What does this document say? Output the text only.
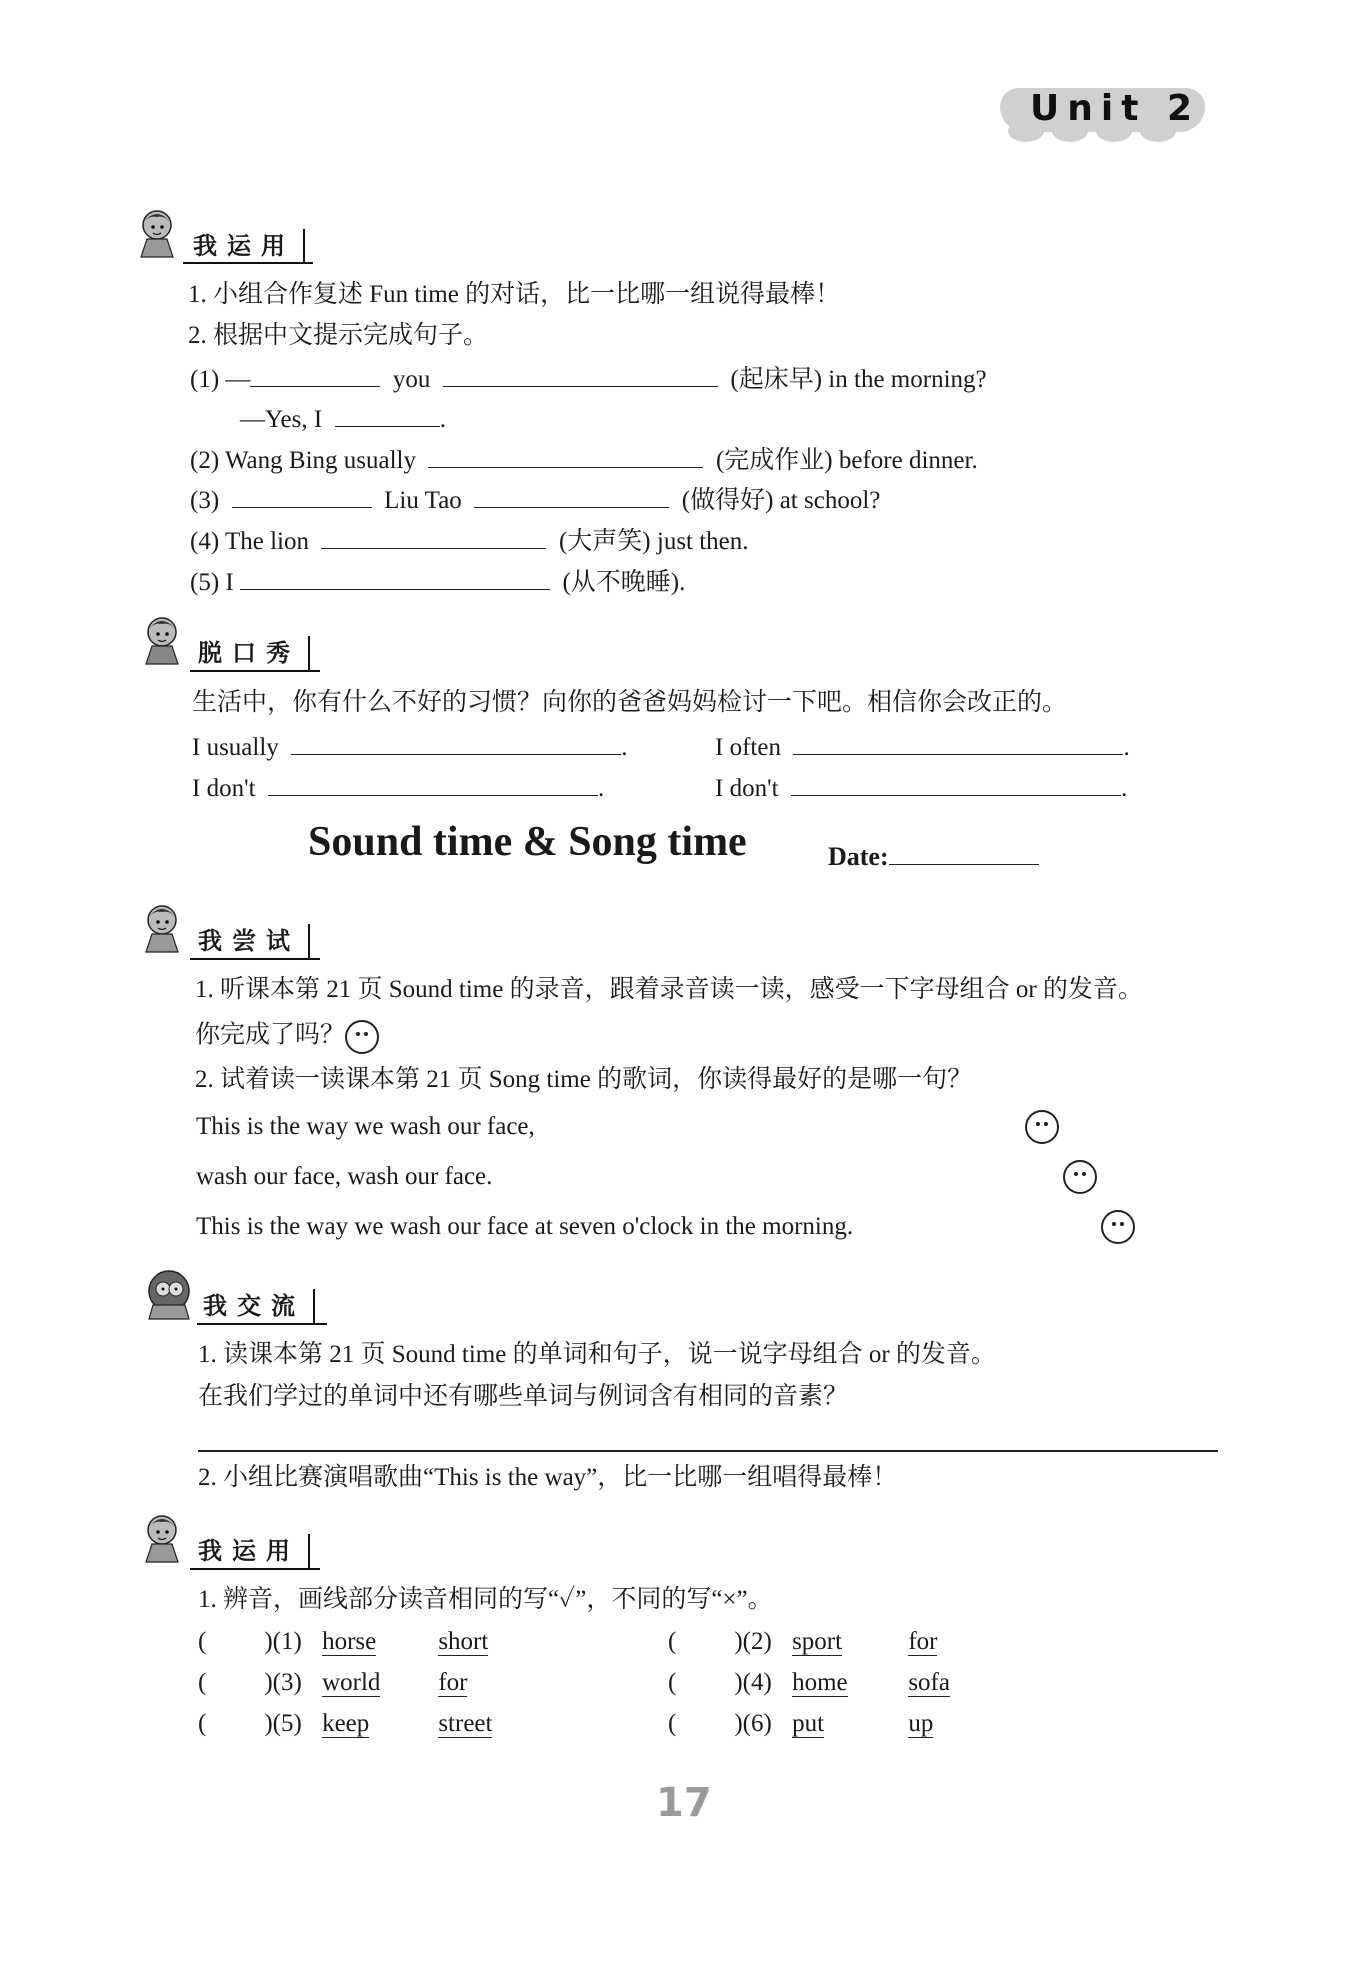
Unit 2
我运用
1. 小组合作复述 Fun time 的对话，比一比哪一组说得最棒！
2. 根据中文提示完成句子。
(1) —	you	(起床早) in the morning?
—Yes, I	.
(2) Wang Bing usually	(完成作业) before dinner.
(3)	Liu Tao	(做得好) at school?
(4) The lion	(大声笑) just then.
(5) I	(从不晚睡).
脱口秀
生活中，你有什么不好的习惯？向你的爸爸妈妈检讨一下吧。相信你会改正的。
I usually	.	I often	.
I don't	.	I don't	.
Sound time & Song time	Date:
我尝试
1. 听课本第 21 页 Sound time 的录音，跟着录音读一读，感受一下字母组合 or 的发音。
你完成了吗？
2. 试着读一读课本第 21 页 Song time 的歌词，你读得最好的是哪一句？
This is the way we wash our face,

wash our face, wash our face.

This is the way we wash our face at seven o'clock in the morning.
我交流
1. 读课本第 21 页 Sound time 的单词和句子，说一说字母组合 or 的发音。
在我们学过的单词中还有哪些单词与例词含有相同的音素？
2. 小组比赛演唱歌曲“This is the way”，比一比哪一组唱得最棒！
我运用
1. 辨音，画线部分读音相同的写“✓”，不同的写“×”。
( )(1) horse short	( )(2) sport	for
( )(3) world for	( )(4) home sofa
( )(5) keep	street	( )(6) put	up
17
